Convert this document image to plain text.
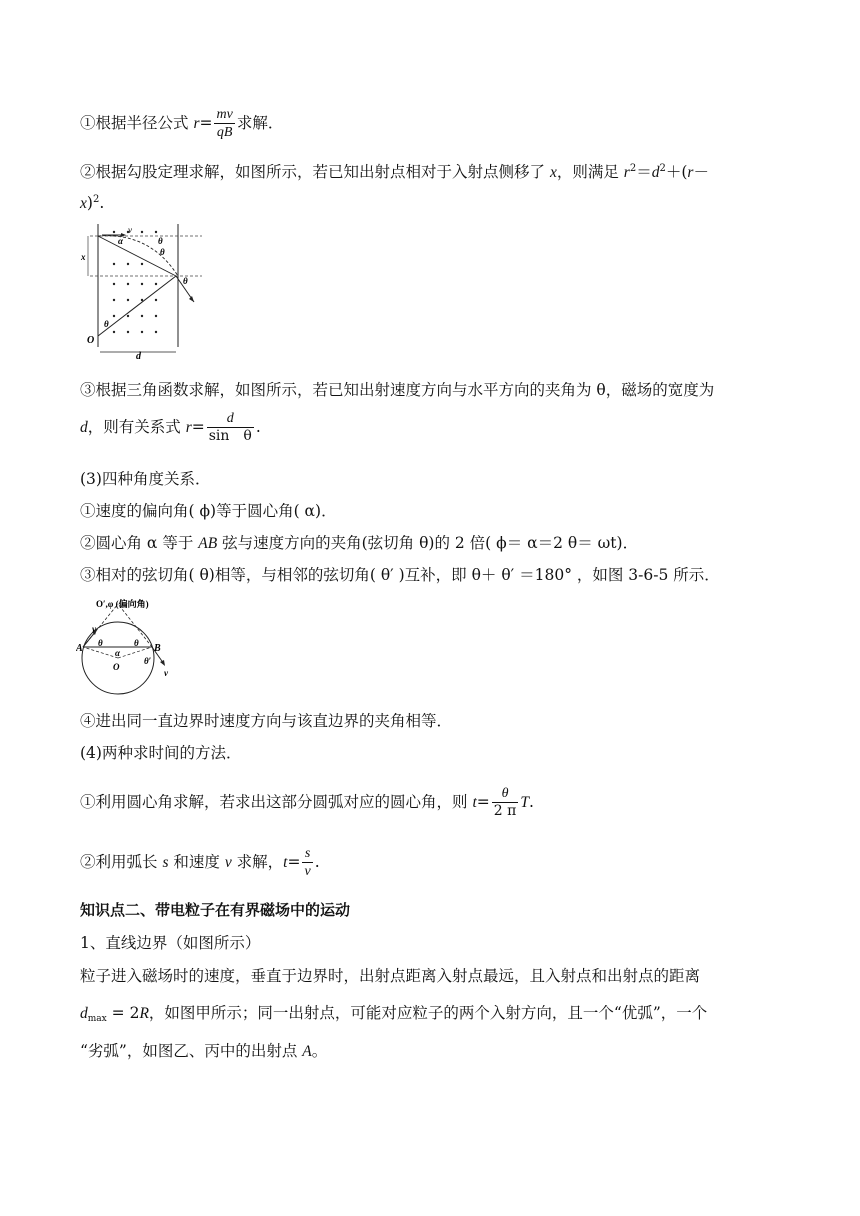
①根据半径公式 $r= \frac{mv}{qB}$ 求解．
②根据勾股定理求解，如图所示，若已知出射点相对于入射点侧移了 x，则满足 $r^2=d^2+(r-$
x)$^2$.
v
α	θ
θ
θ
θ
x
O
d
③根据三角函数求解，如图所示，若已知出射速度方向与水平方向的夹角为 θ，磁场的宽度为
d，则有关系式 $r= \frac{d}{\text{sin　θ}}$ .
(3)四种角度关系．
①速度的偏向角( ϕ)等于圆心角( α)．
②圆心角 α 等于 AB 弦与速度方向的夹角(弦切角 θ)的 2 倍( ϕ＝ α＝2 θ＝ ωt)．
③相对的弦切角( θ)相等，与相邻的弦切角( θ′ )互补，即 θ＋ θ′ ＝180° ，如图 3-6-5 所示．
O′,φ (偏向角)
v
v
A	B
θ	θ
θ′
α
O
④进出同一直边界时速度方向与该直边界的夹角相等．
(4)两种求时间的方法．
①利用圆心角求解，若求出这部分圆弧对应的圆心角，则 $t= \frac{\theta}{2 \pi} T$.
②利用弧长 s 和速度 v 求解，$t= \frac{s}{v}$ .
知识点二、带电粒子在有界磁场中的运动
1、直线边界（如图所示）
粒子进入磁场时的速度，垂直于边界时，出射点距离入射点最远，且入射点和出射点的距离
$d_{max} = 2R$，如图甲所示；同一出射点，可能对应粒子的两个入射方向，且一个“优弧”，一个
“劣弧”，如图乙、丙中的出射点 A。
